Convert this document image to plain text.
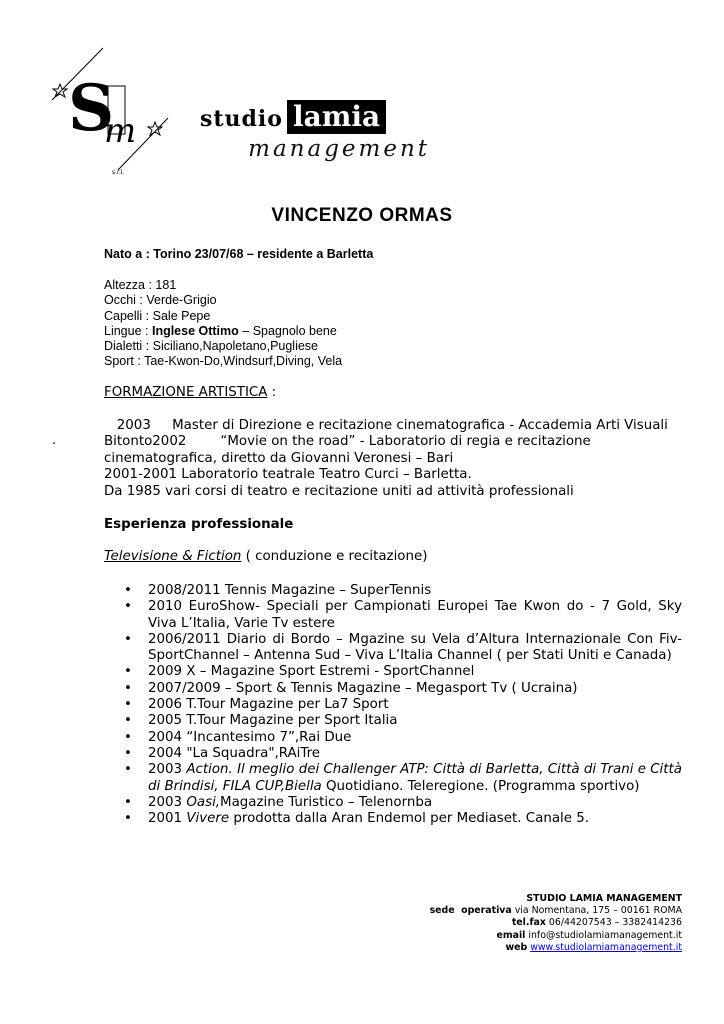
S
m
s.r.l.
studio lamia
management
VINCENZO ORMAS
Nato a : Torino 23/07/68 – residente a Barletta
Altezza : 181
Occhi : Verde-Grigio
Capelli : Sale Pepe
Lingue : Inglese Ottimo – Spagnolo bene
Dialetti : Siciliano,Napoletano,Pugliese
Sport : Tae-Kwon-Do,Windsurf,Diving, Vela
FORMAZIONE ARTISTICA :
.
2003     Master di Direzione e recitazione cinematografica - Accademia Arti Visuali
Bitonto2002        “Movie on the road” - Laboratorio di regia e recitazione
cinematografica, diretto da Giovanni Veronesi – Bari
2001-2001 Laboratorio teatrale Teatro Curci – Barletta.
Da 1985 vari corsi di teatro e recitazione uniti ad attività professionali
Esperienza professionale
Televisione & Fiction ( conduzione e recitazione)
• 2008/2011 Tennis Magazine – SuperTennis
• 2010 EuroShow- Speciali per Campionati Europei Tae Kwon do - 7 Gold, Sky Viva L’Italia, Varie Tv estere
• 2006/2011 Diario di Bordo – Mgazine su Vela d’Altura Internazionale Con Fiv-SportChannel – Antenna Sud – Viva L’Italia Channel ( per Stati Uniti e Canada)
• 2009 X – Magazine Sport Estremi - SportChannel
• 2007/2009 – Sport & Tennis Magazine – Megasport Tv ( Ucraina)
• 2006 T.Tour Magazine per La7 Sport
• 2005 T.Tour Magazine per Sport Italia
• 2004 “Incantesimo 7”,Rai Due
• 2004 "La Squadra",RAiTre
• 2003 Action. Il meglio dei Challenger ATP: Città di Barletta, Città di Trani e Città di Brindisi, FILA CUP,Biella Quotidiano. Teleregione. (Programma sportivo)
• 2003 Oasi,Magazine Turistico – Telenornba
• 2001 Vivere prodotta dalla Aran Endemol per Mediaset. Canale 5.
STUDIO LAMIA MANAGEMENT
sede  operativa via Nomentana, 175 – 00161 ROMA
tel.fax 06/44207543 – 3382414236
email info@studiolamiamanagement.it
web www.studiolamiamanagement.it
